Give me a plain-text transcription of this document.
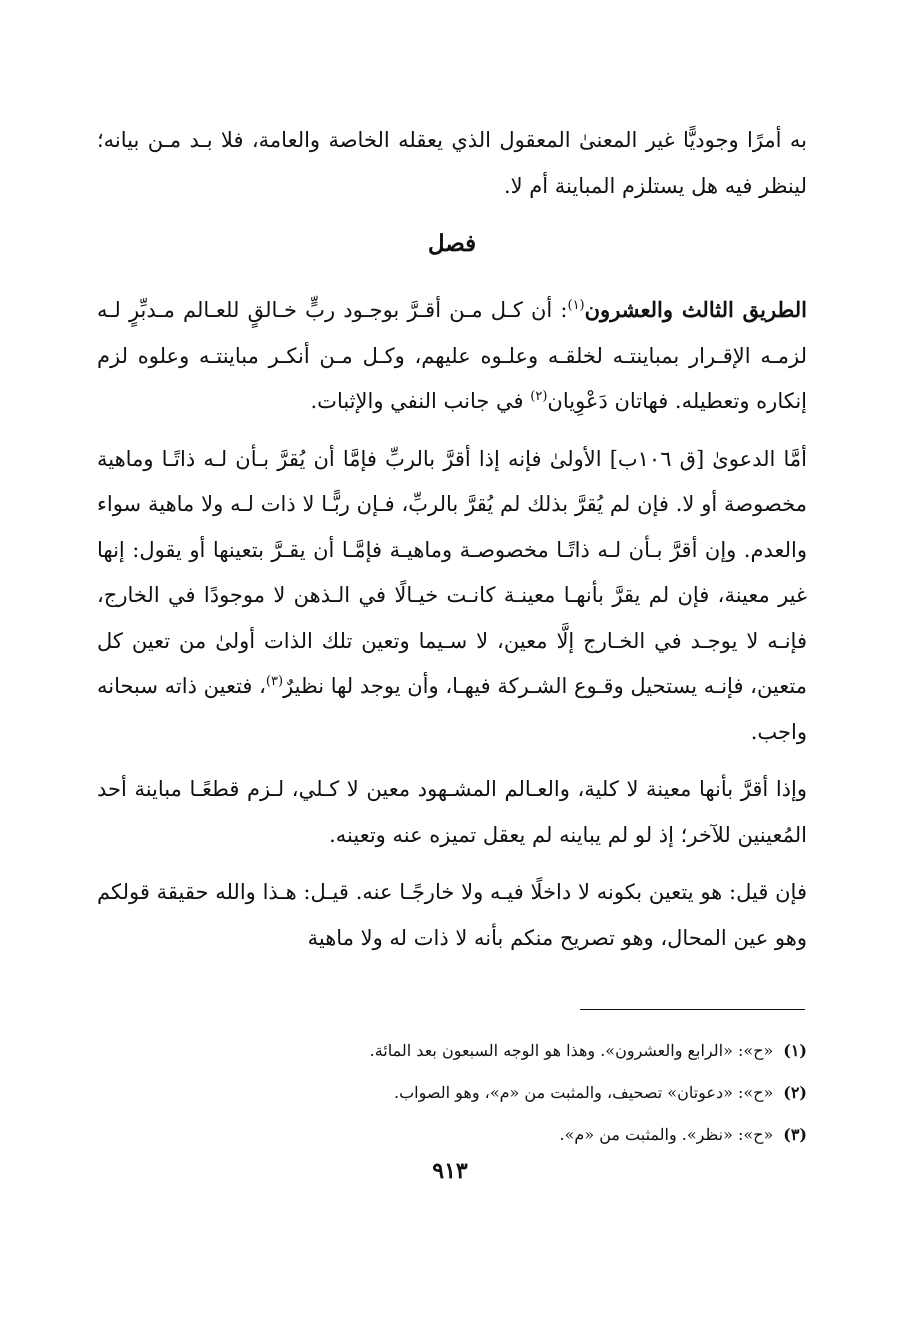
به أمرًا وجوديًّا غير المعنىٰ المعقول الذي يعقله الخاصة والعامة، فلا بـد مـن بيانه؛ لينظر فيه هل يستلزم المباينة أم لا.

فصل

الطريق الثالث والعشرون$^{(١)}$: أن كـل مـن أقـرَّ بوجـود ربٍّ خـالقٍ للعـالم مـدبِّرٍ لـه لزمـه الإقـرار بمباينتـه لخلقـه وعلـوه عليهم، وكـل مـن أنكـر مباينتـه وعلوه لزم إنكاره وتعطيله. فهاتان دَعْوِيان$^{(٢)}$ في جانب النفي والإثبات.

أمَّا الدعوىٰ [ق ١٠٦ب] الأولىٰ فإنه إذا أقرَّ بالربِّ فإمَّا أن يُقرَّ بـأن لـه ذاتًـا وماهية مخصوصة أو لا. فإن لم يُقرَّ بذلك لم يُقرَّ بالربِّ، فـإن ربًّـا لا ذات لـه ولا ماهية سواء والعدم. وإن أقرَّ بـأن لـه ذاتًـا مخصوصـة وماهيـة فإمَّـا أن يقـرَّ بتعينها أو يقول: إنها غير معينة، فإن لم يقرَّ بأنهـا معينـة كانـت خيـالًا في الـذهن لا موجودًا في الخارج، فإنـه لا يوجـد في الخـارج إلَّا معين، لا سـيما وتعين تلك الذات أولىٰ من تعين كل متعين، فإنـه يستحيل وقـوع الشـركة فيهـا، وأن يوجد لها نظيرٌ$^{(٣)}$، فتعين ذاته سبحانه واجب.

وإذا أقرَّ بأنها معينة لا كلية، والعـالم المشـهود معين لا كـلي، لـزم قطعًـا مباينة أحد المُعينين للآخر؛ إذ لو لم يباينه لم يعقل تميزه عنه وتعينه.

فإن قيل: هو يتعين بكونه لا داخلًا فيـه ولا خارجًـا عنه. قيـل: هـذا والله حقيقة قولكم وهو عين المحال، وهو تصريح منكم بأنه لا ذات له ولا ماهية

(١)«ح»: «الرابع والعشرون». وهذا هو الوجه السبعون بعد المائة.

(٢)«ح»: «دعوتان» تصحيف، والمثبت من «م»، وهو الصواب.

(٣)«ح»: «نظر». والمثبت من «م».

٩١٣
